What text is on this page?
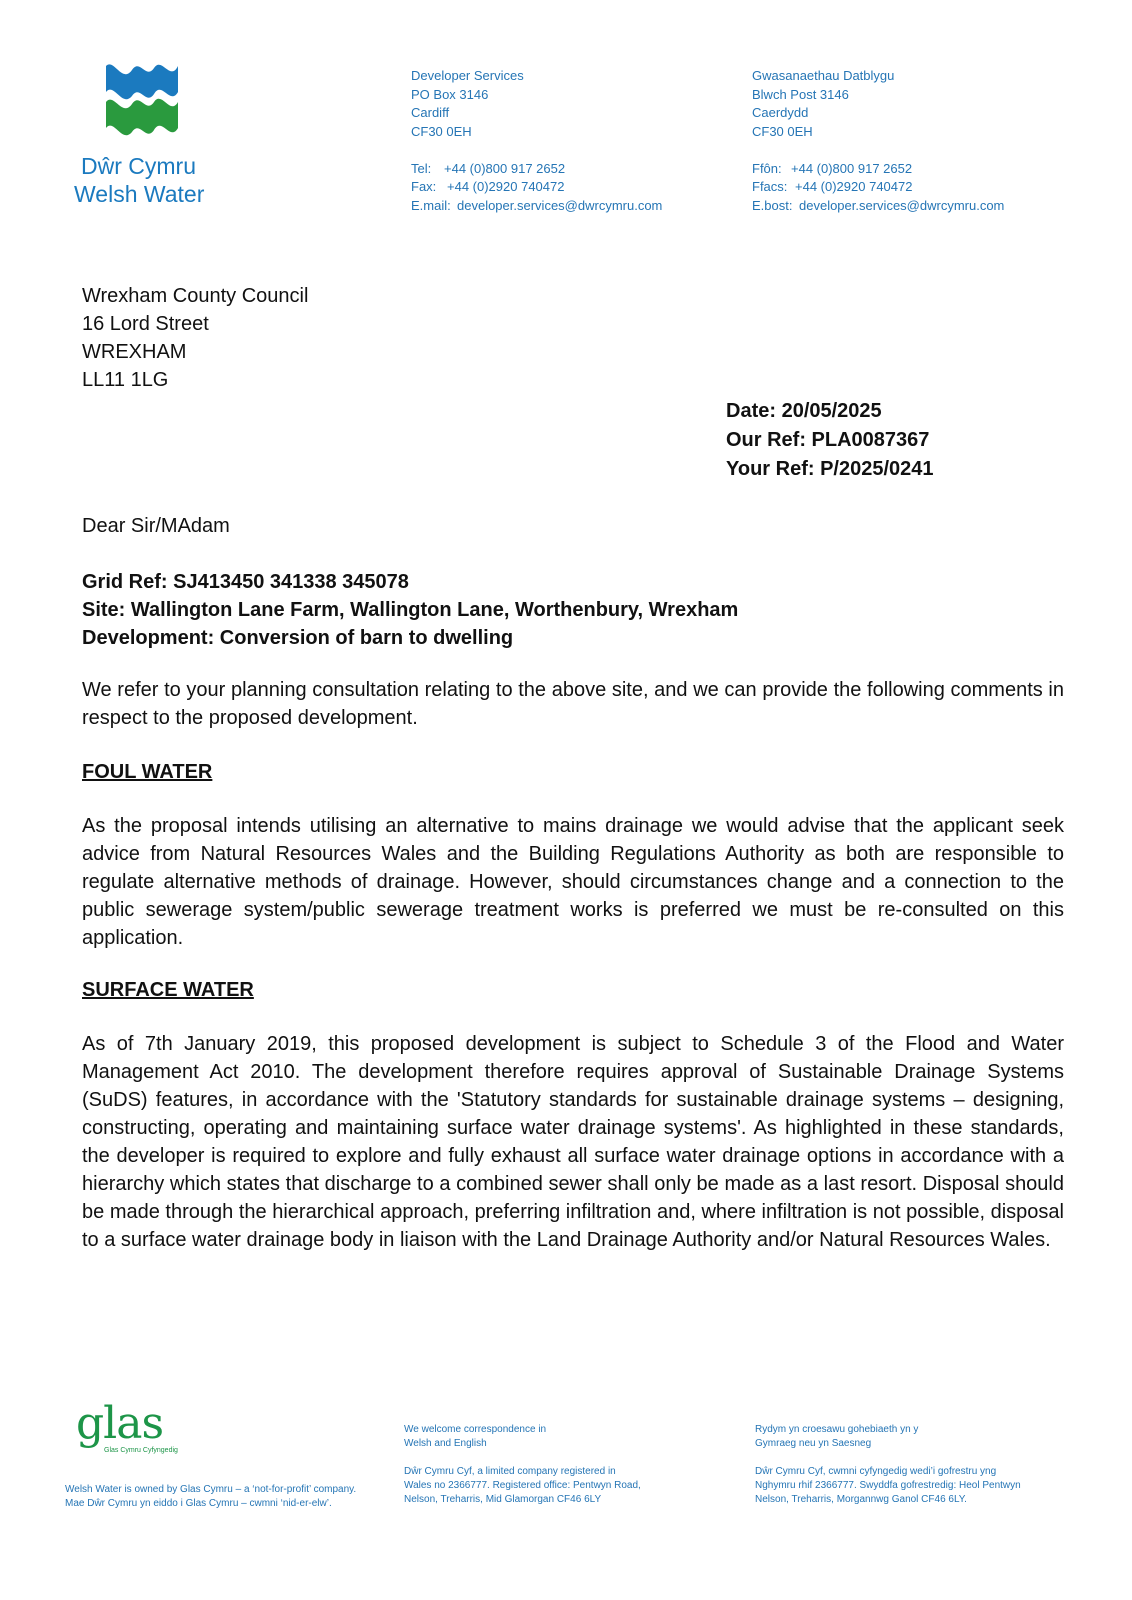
Dŵr Cymru
Welsh Water
Developer Services
PO Box 3146
Cardiff
CF30 0EH
Tel: +44 (0)800 917 2652
Fax: +44 (0)2920 740472
E.mail: developer.services@dwrcymru.com
Gwasanaethau Datblygu
Blwch Post 3146
Caerdydd
CF30 0EH
Ffôn: +44 (0)800 917 2652
Ffacs: +44 (0)2920 740472
E.bost: developer.services@dwrcymru.com
Wrexham County Council
16 Lord Street
WREXHAM
LL11 1LG
Date: 20/05/2025
Our Ref: PLA0087367
Your Ref: P/2025/0241
Dear Sir/MAdam
Grid Ref: SJ413450 341338 345078
Site: Wallington Lane Farm, Wallington Lane, Worthenbury, Wrexham
Development: Conversion of barn to dwelling
We refer to your planning consultation relating to the above site, and we can provide the following comments in respect to the proposed development.
FOUL WATER
As the proposal intends utilising an alternative to mains drainage we would advise that the applicant seek advice from Natural Resources Wales and the Building Regulations Authority as both are responsible to regulate alternative methods of drainage. However, should circumstances change and a connection to the public sewerage system/public sewerage treatment works is preferred we must be re-consulted on this application.
SURFACE WATER
As of 7th January 2019, this proposed development is subject to Schedule 3 of the Flood and Water Management Act 2010. The development therefore requires approval of Sustainable Drainage Systems (SuDS) features, in accordance with the 'Statutory standards for sustainable drainage systems – designing, constructing, operating and maintaining surface water drainage systems'. As highlighted in these standards, the developer is required to explore and fully exhaust all surface water drainage options in accordance with a hierarchy which states that discharge to a combined sewer shall only be made as a last resort. Disposal should be made through the hierarchical approach, preferring infiltration and, where infiltration is not possible, disposal to a surface water drainage body in liaison with the Land Drainage Authority and/or Natural Resources Wales.
glas
Glas Cymru Cyfyngedig
Welsh Water is owned by Glas Cymru – a ‘not-for-profit’ company.
Mae Dŵr Cymru yn eiddo i Glas Cymru – cwmni ‘nid-er-elw’.
We welcome correspondence in
Welsh and English
Dŵr Cymru Cyf, a limited company registered in
Wales no 2366777. Registered office: Pentwyn Road,
Nelson, Treharris, Mid Glamorgan CF46 6LY
Rydym yn croesawu gohebiaeth yn y
Gymraeg neu yn Saesneg
Dŵr Cymru Cyf, cwmni cyfyngedig wedi’i gofrestru yng
Nghymru rhif 2366777. Swyddfa gofrestredig: Heol Pentwyn
Nelson, Treharris, Morgannwg Ganol CF46 6LY.
